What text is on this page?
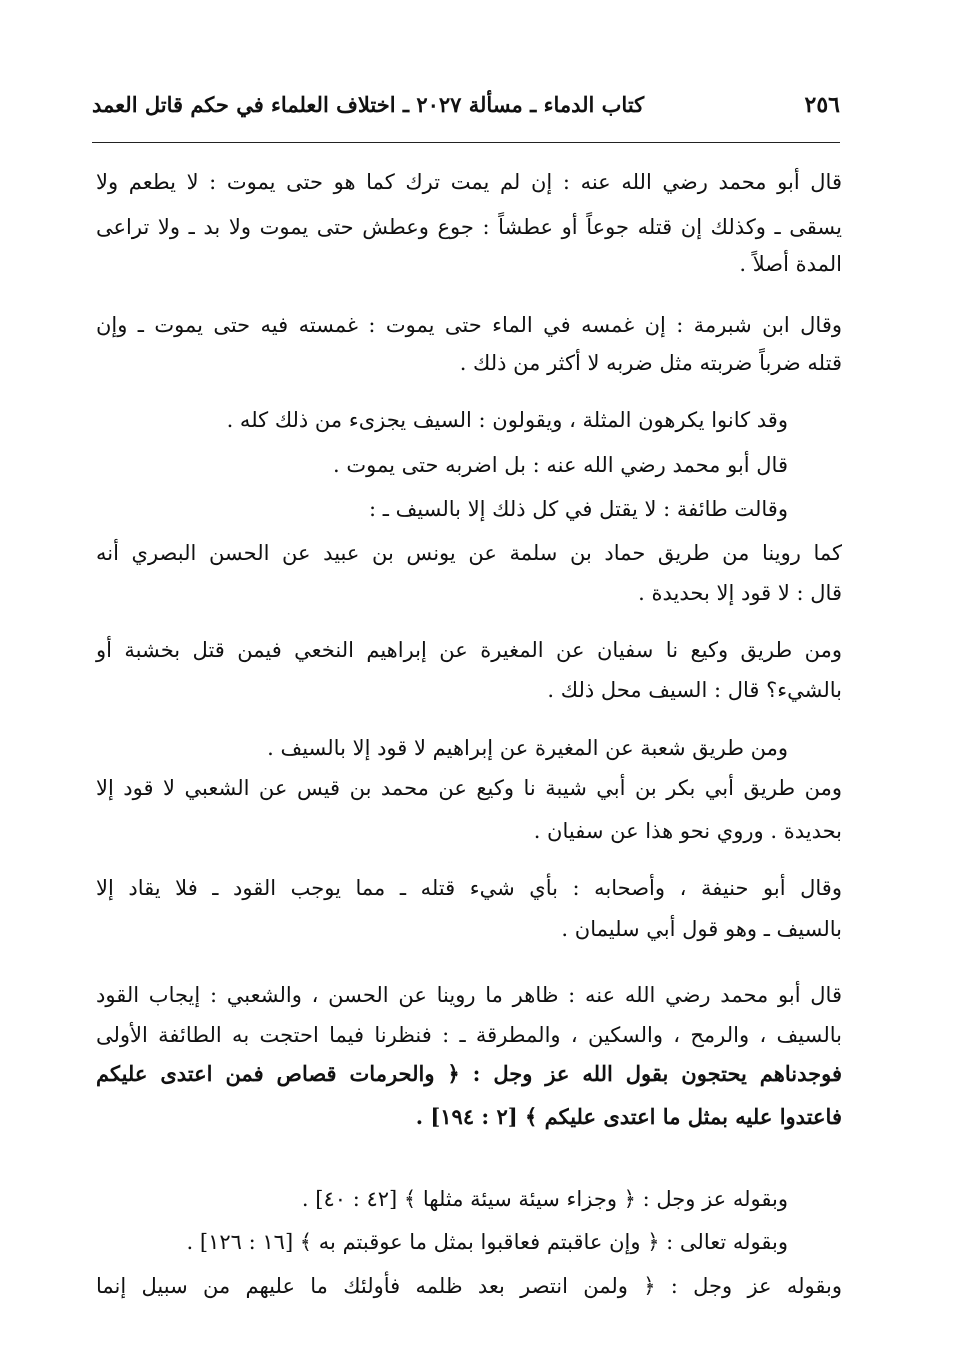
٢٥٦
كتاب الدماء ـ مسألة ٢٠٢٧ ـ اختلاف العلماء في حكم قاتل العمد
قال أبو محمد رضي الله عنه : إن لم يمت ترك كما هو حتى يموت : لا يطعم ولا
يسقى ـ وكذلك إن قتله جوعاً أو عطشاً : جوع وعطش حتى يموت ولا بد ـ ولا تراعى
المدة أصلاً .
وقال ابن شبرمة : إن غمسه في الماء حتى يموت : غمسته فيه حتى يموت ـ وإن
قتله ضرباً ضربته مثل ضربه لا أكثر من ذلك .
وقد كانوا يكرهون المثلة ، ويقولون : السيف يجزىء من ذلك كله .
قال أبو محمد رضي الله عنه : بل اضربه حتى يموت .
وقالت طائفة : لا يقتل في كل ذلك إلا بالسيف ـ :
كما روينا من طريق حماد بن سلمة عن يونس بن عبيد عن الحسن البصري أنه
قال : لا قود إلا بحديدة .
ومن طريق وكيع نا سفيان عن المغيرة عن إبراهيم النخعي فيمن قتل بخشبة أو
بالشيء؟ قال : السيف محل ذلك .
ومن طريق شعبة عن المغيرة عن إبراهيم لا قود إلا بالسيف .
ومن طريق أبي بكر بن أبي شيبة نا وكيع عن محمد بن قيس عن الشعبي لا قود إلا
بحديدة . وروي نحو هذا عن سفيان .
وقال أبو حنيفة ، وأصحابه : بأي شيء قتله ـ مما يوجب القود ـ فلا يقاد إلا
بالسيف ـ وهو قول أبي سليمان .
قال أبو محمد رضي الله عنه : ظاهر ما روينا عن الحسن ، والشعبي : إيجاب القود
بالسيف ، والرمح ، والسكين ، والمطرقة ـ : فنظرنا فيما احتجت به الطائفة الأولى
فوجدناهم يحتجون بقول الله عز وجل : ﴿ والحرمات قصاص فمن اعتدى عليكم
فاعتدوا عليه بمثل ما اعتدى عليكم ﴾ [٢ : ١٩٤] .
وبقوله عز وجل : ﴿ وجزاء سيئة سيئة مثلها ﴾ [٤٢ : ٤٠] .
وبقوله تعالى : ﴿ وإن عاقبتم فعاقبوا بمثل ما عوقبتم به ﴾ [١٦ : ١٢٦] .
وبقوله عز وجل : ﴿ ولمن انتصر بعد ظلمه فأولئك ما عليهم من سبيل إنما
